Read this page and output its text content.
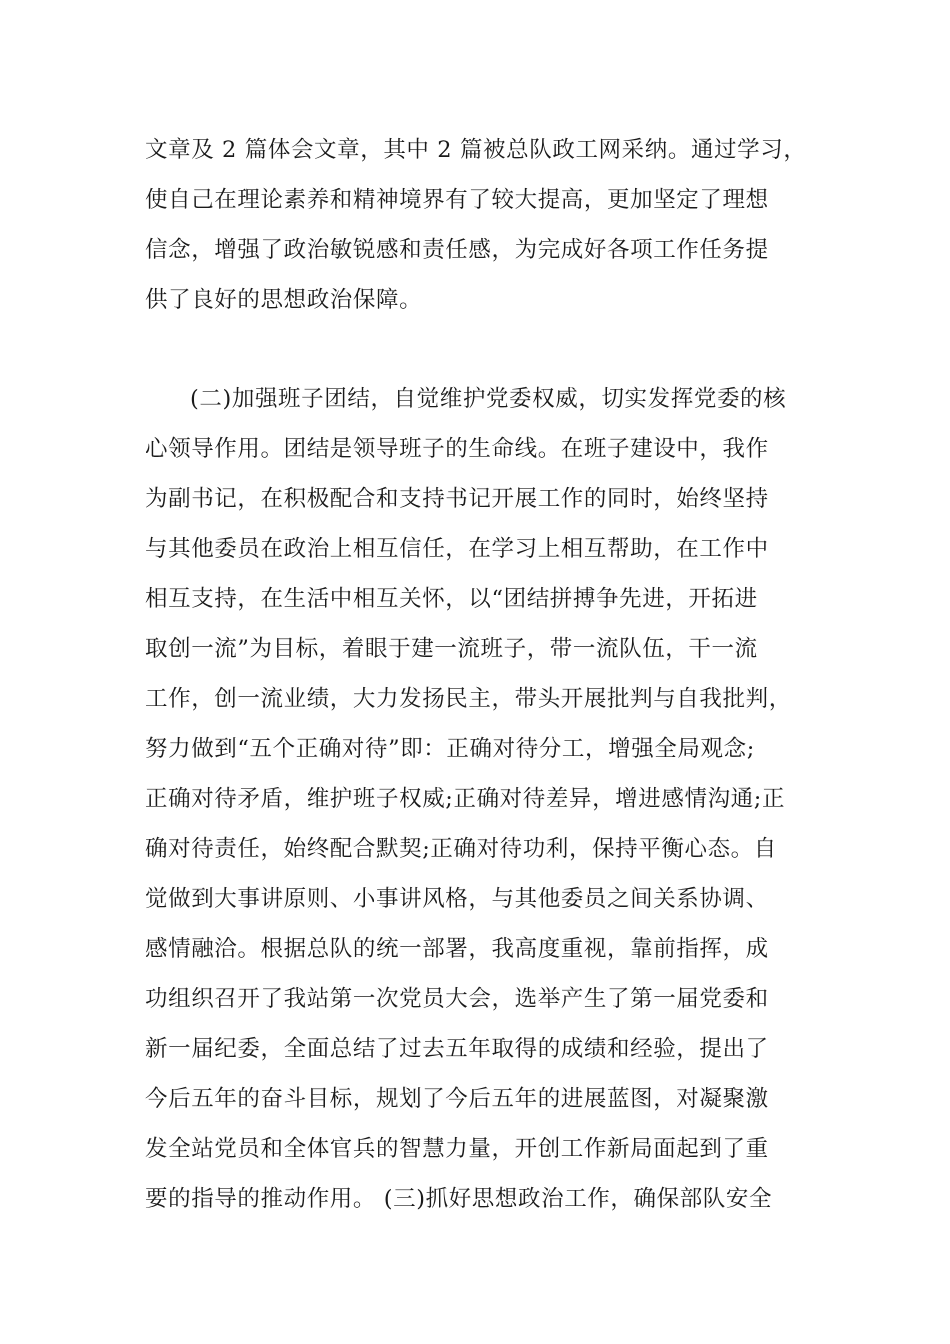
文章及 2 篇体会文章，其中 2 篇被总队政工网采纳。通过学习，
使自己在理论素养和精神境界有了较大提高，更加坚定了理想
信念，增强了政治敏锐感和责任感，为完成好各项工作任务提
供了良好的思想政治保障。
(二)加强班子团结，自觉维护党委权威，切实发挥党委的核
心领导作用。团结是领导班子的生命线。在班子建设中，我作
为副书记，在积极配合和支持书记开展工作的同时，始终坚持
与其他委员在政治上相互信任，在学习上相互帮助，在工作中
相互支持，在生活中相互关怀，以“团结拼搏争先进，开拓进
取创一流”为目标，着眼于建一流班子，带一流队伍，干一流
工作，创一流业绩，大力发扬民主，带头开展批判与自我批判，
努力做到“五个正确对待”即：正确对待分工，增强全局观念;
正确对待矛盾，维护班子权威;正确对待差异，增进感情沟通;正
确对待责任，始终配合默契;正确对待功利，保持平衡心态。自
觉做到大事讲原则、小事讲风格，与其他委员之间关系协调、
感情融洽。根据总队的统一部署，我高度重视，靠前指挥，成
功组织召开了我站第一次党员大会，选举产生了第一届党委和
新一届纪委，全面总结了过去五年取得的成绩和经验，提出了
今后五年的奋斗目标，规划了今后五年的进展蓝图，对凝聚激
发全站党员和全体官兵的智慧力量，开创工作新局面起到了重
要的指导的推动作用。 (三)抓好思想政治工作，确保部队安全
